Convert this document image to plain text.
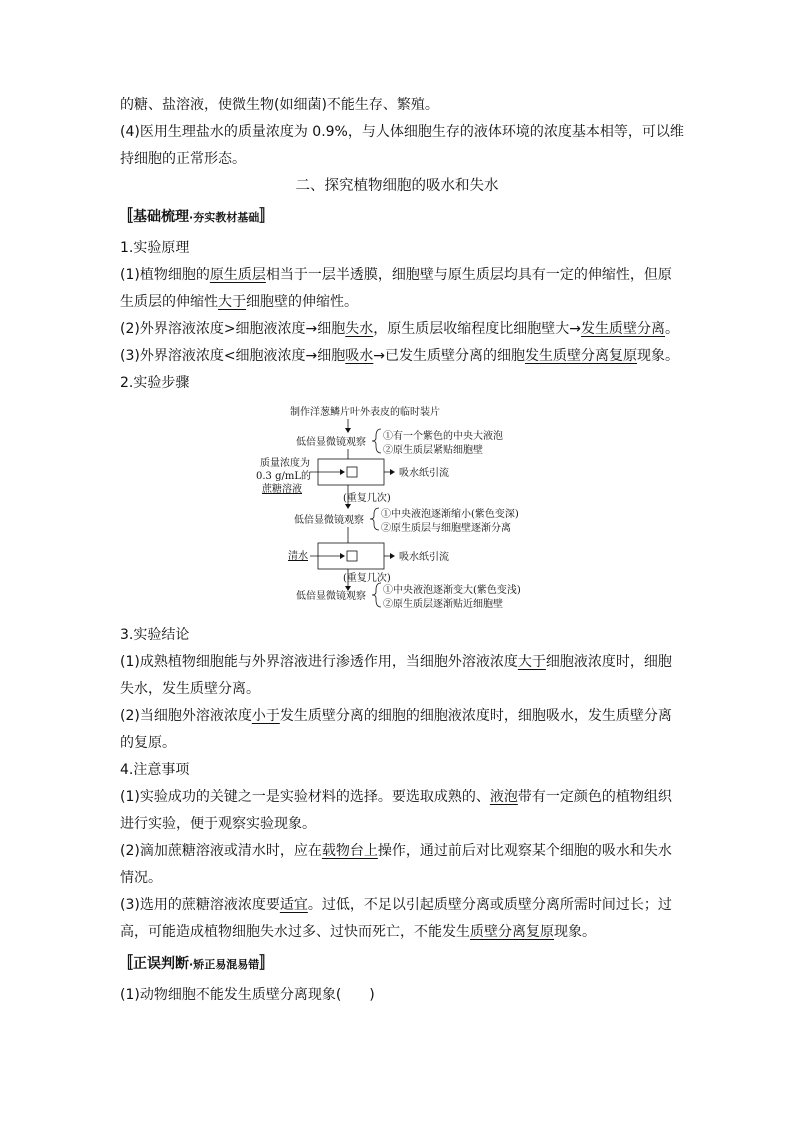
的糖、盐溶液，使微生物(如细菌)不能生存、繁殖。
(4)医用生理盐水的质量浓度为 0.9%，与人体细胞生存的液体环境的浓度基本相等，可以维
持细胞的正常形态。
二、探究植物细胞的吸水和失水
〚基础梳理·夯实教材基础〛
1.实验原理
(1)植物细胞的原生质层相当于一层半透膜，细胞壁与原生质层均具有一定的伸缩性，但原
生质层的伸缩性大于细胞壁的伸缩性。
(2)外界溶液浓度>细胞液浓度→细胞失水，原生质层收缩程度比细胞壁大→发生质壁分离。
(3)外界溶液浓度<细胞液浓度→细胞吸水→已发生质壁分离的细胞发生质壁分离复原现象。
2.实验步骤
制作洋葱鳞片叶外表皮的临时装片
低倍显微镜观察
①有一个紫色的中央大液泡
②原生质层紧贴细胞壁
质量浓度为
0.3 g/mL的
蔗糖溶液
吸水纸引流
(重复几次)
低倍显微镜观察
①中央液泡逐渐缩小(紫色变深)
②原生质层与细胞壁逐渐分离
清水	吸水纸引流
(重复几次)
低倍显微镜观察
①中央液泡逐渐变大(紫色变浅)
②原生质层逐渐贴近细胞壁
3.实验结论
(1)成熟植物细胞能与外界溶液进行渗透作用，当细胞外溶液浓度大于细胞液浓度时，细胞
失水，发生质壁分离。
(2)当细胞外溶液浓度小于发生质壁分离的细胞的细胞液浓度时，细胞吸水，发生质壁分离
的复原。
4.注意事项
(1)实验成功的关键之一是实验材料的选择。要选取成熟的、液泡带有一定颜色的植物组织
进行实验，便于观察实验现象。
(2)滴加蔗糖溶液或清水时，应在载物台上操作，通过前后对比观察某个细胞的吸水和失水
情况。
(3)选用的蔗糖溶液浓度要适宜。过低，不足以引起质壁分离或质壁分离所需时间过长；过
高，可能造成植物细胞失水过多、过快而死亡，不能发生质壁分离复原现象。
〚正误判断·矫正易混易错〛
(1)动物细胞不能发生质壁分离现象(　　)
